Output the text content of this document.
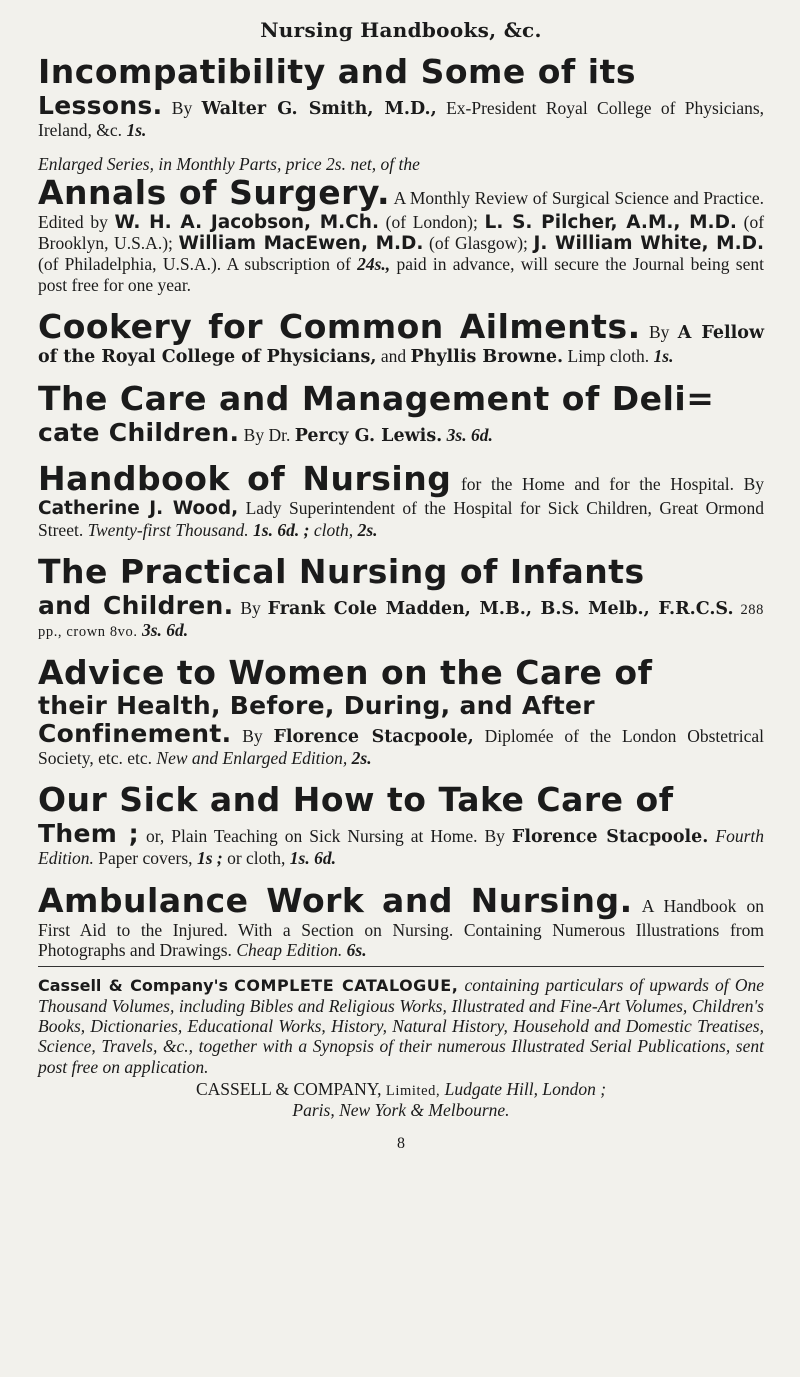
Nursing Handbooks, &c.
Incompatibility and Some of its
Lessons. By Walter G. Smith, M.D., Ex-President Royal College of Physicians, Ireland, &c. 1s.
Enlarged Series, in Monthly Parts, price 2s. net, of the
Annals of Surgery. A Monthly Review of Surgical Science and Practice. Edited by W. H. A. Jacobson, M.Ch. (of London); L. S. Pilcher, A.M., M.D. (of Brooklyn, U.S.A.); William MacEwen, M.D. (of Glasgow); J. William White, M.D. (of Philadelphia, U.S.A.). A subscription of 24s., paid in advance, will secure the Journal being sent post free for one year.
Cookery for Common Ailments. By A Fellow of the Royal College of Physicians, and Phyllis Browne. Limp cloth. 1s.
The Care and Management of Deli=
cate Children. By Dr. Percy G. Lewis. 3s. 6d.
Handbook of Nursing for the Home and for the Hospital. By Catherine J. Wood, Lady Superintendent of the Hospital for Sick Children, Great Ormond Street. Twenty-first Thousand. 1s. 6d. ; cloth, 2s.
The Practical Nursing of Infants
and Children. By Frank Cole Madden, M.B., B.S. Melb., F.R.C.S. 288 pp., crown 8vo. 3s. 6d.
Advice to Women on the Care of
their Health, Before, During, and After
Confinement. By Florence Stacpoole, Diplomée of the London Obstetrical Society, etc. etc. New and Enlarged Edition, 2s.
Our Sick and How to Take Care of
Them ; or, Plain Teaching on Sick Nursing at Home. By Florence Stacpoole. Fourth Edition. Paper covers, 1s ; or cloth, 1s. 6d.
Ambulance Work and Nursing. A Handbook on First Aid to the Injured. With a Section on Nursing. Containing Numerous Illustrations from Photographs and Drawings. Cheap Edition. 6s.
Cassell & Company's COMPLETE CATALOGUE, containing particulars of upwards of One Thousand Volumes, including Bibles and Religious Works, Illustrated and Fine-Art Volumes, Children's Books, Dictionaries, Educational Works, History, Natural History, Household and Domestic Treatises, Science, Travels, &c., together with a Synopsis of their numerous Illustrated Serial Publications, sent post free on application.
CASSELL & COMPANY, Limited, Ludgate Hill, London ;
Paris, New York & Melbourne.
8
